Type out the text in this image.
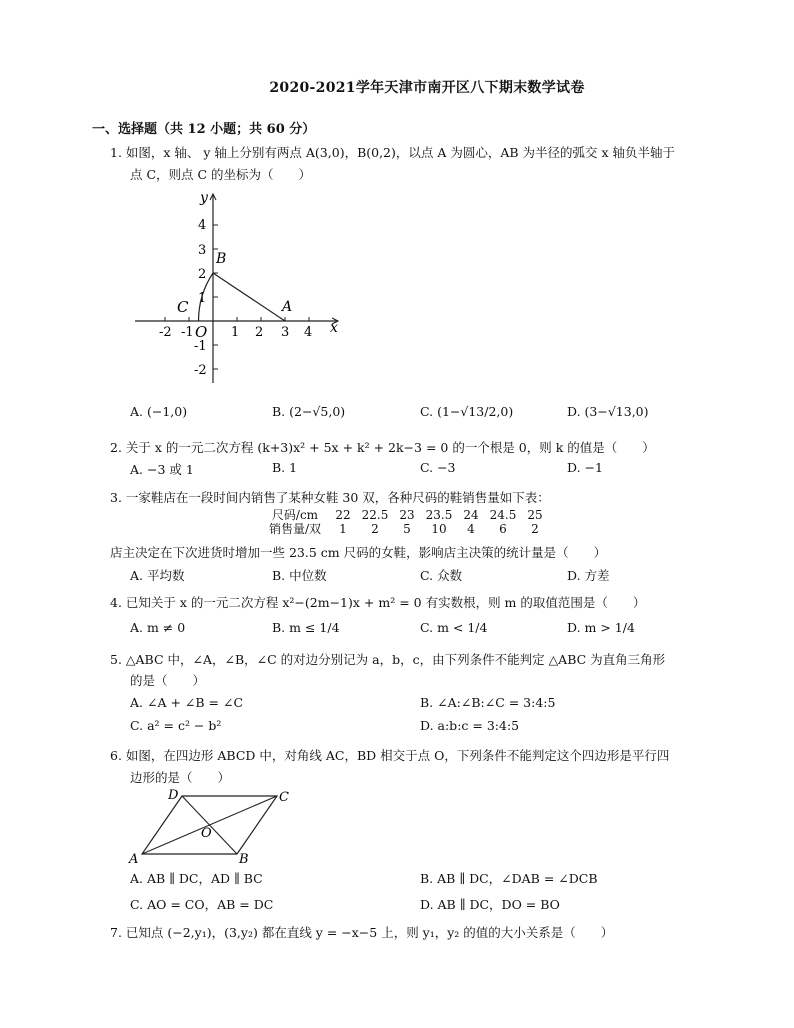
2020-2021学年天津市南开区八下期末数学试卷
一、选择题（共 12 小题；共 60 分）
1. 如图，x 轴、 y 轴上分别有两点 A(3,0)，B(0,2)，以点 A 为圆心，AB 为半径的弧交 x 轴负半轴于
点 C，则点 C 的坐标为（　　）
-2 -1	1 2 3 4
4
3
2
1
-1
-2
x
y
O
A
B
C
A. (−1,0)	B. (2−√5,0)	C. (1−√13/2,0)	D. (3−√13,0)
2. 关于 x 的一元二次方程 (k+3)x² + 5x + k² + 2k−3 = 0 的一个根是 0，则 k 的值是（　　）
A. −3 或 1	B. 1	C. −3	D. −1
3. 一家鞋店在一段时间内销售了某种女鞋 30 双，各种尺码的鞋销售量如下表：
尺码/cm	22	22.5	23	23.5	24	24.5	25
销售量/双	1	2	5	10	4	6	2
店主决定在下次进货时增加一些 23.5 cm 尺码的女鞋，影响店主决策的统计量是（　　）
A. 平均数	B. 中位数	C. 众数	D. 方差
4. 已知关于 x 的一元二次方程 x²−(2m−1)x + m² = 0 有实数根，则 m 的取值范围是（　　）
A. m ≠ 0	B. m ≤ 1/4	C. m < 1/4	D. m > 1/4
5. △ABC 中，∠A，∠B，∠C 的对边分别记为 a，b，c，由下列条件不能判定 △ABC 为直角三角形
的是（　　）
A. ∠A + ∠B = ∠C	B. ∠A:∠B:∠C = 3:4:5
C. a² = c² − b²	D. a:b:c = 3:4:5
6. 如图，在四边形 ABCD 中，对角线 AC，BD 相交于点 O，下列条件不能判定这个四边形是平行四
边形的是（　　）
A	B
C
D
O
A. AB ∥ DC，AD ∥ BC	B. AB ∥ DC，∠DAB = ∠DCB
C. AO = CO，AB = DC	D. AB ∥ DC，DO = BO
7. 已知点 (−2,y₁)，(3,y₂) 都在直线 y = −x−5 上，则 y₁，y₂ 的值的大小关系是（　　）
